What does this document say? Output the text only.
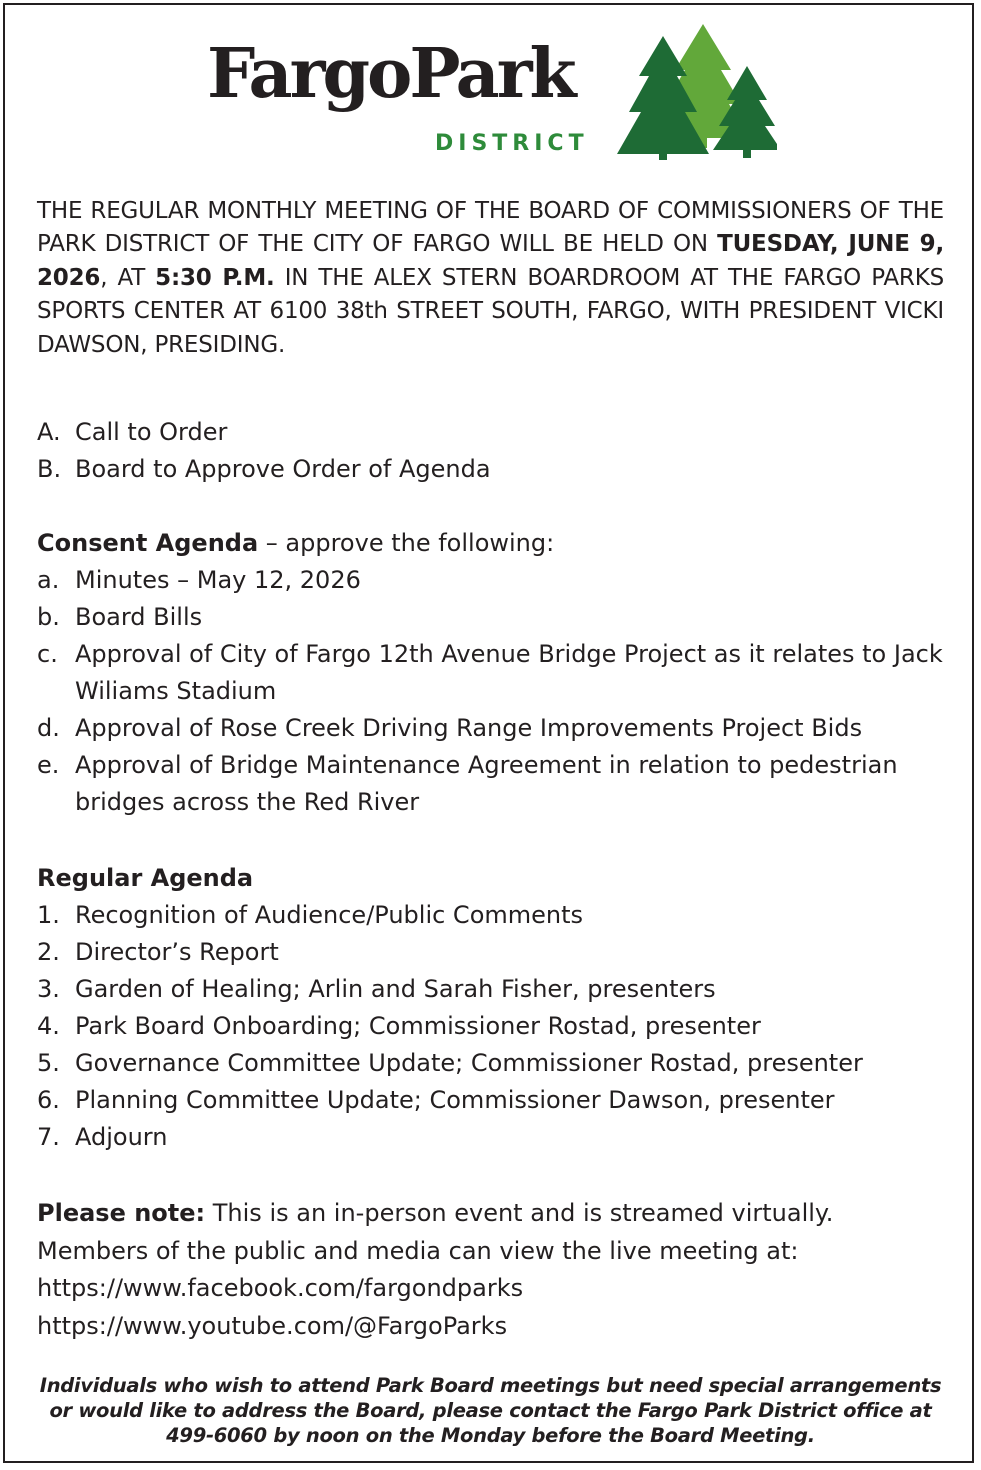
FargoPark
DISTRICT
THE REGULAR MONTHLY MEETING OF THE BOARD OF COMMISSIONERS OF THE PARK DISTRICT OF THE CITY OF FARGO WILL BE HELD ON TUESDAY, JUNE 9, 2026, AT 5:30 P.M. IN THE ALEX STERN BOARDROOM AT THE FARGO PARKS SPORTS CENTER AT 6100 38th STREET SOUTH, FARGO, WITH PRESIDENT VICKI DAWSON, PRESIDING.
A. Call to Order
B. Board to Approve Order of Agenda
Consent Agenda – approve the following:
a. Minutes – May 12, 2026
b. Board Bills
c. Approval of City of Fargo 12th Avenue Bridge Project as it relates to Jack Wiliams Stadium
d. Approval of Rose Creek Driving Range Improvements Project Bids
e. Approval of Bridge Maintenance Agreement in relation to pedestrian bridges across the Red River
Regular Agenda
1. Recognition of Audience/Public Comments
2. Director’s Report
3. Garden of Healing; Arlin and Sarah Fisher, presenters
4. Park Board Onboarding; Commissioner Rostad, presenter
5. Governance Committee Update; Commissioner Rostad, presenter
6. Planning Committee Update; Commissioner Dawson, presenter
7. Adjourn
Please note: This is an in-person event and is streamed virtually.
Members of the public and media can view the live meeting at:
https://www.facebook.com/fargondparks
https://www.youtube.com/@FargoParks
Individuals who wish to attend Park Board meetings but need special arrangements
or would like to address the Board, please contact the Fargo Park District office at
499-6060 by noon on the Monday before the Board Meeting.
